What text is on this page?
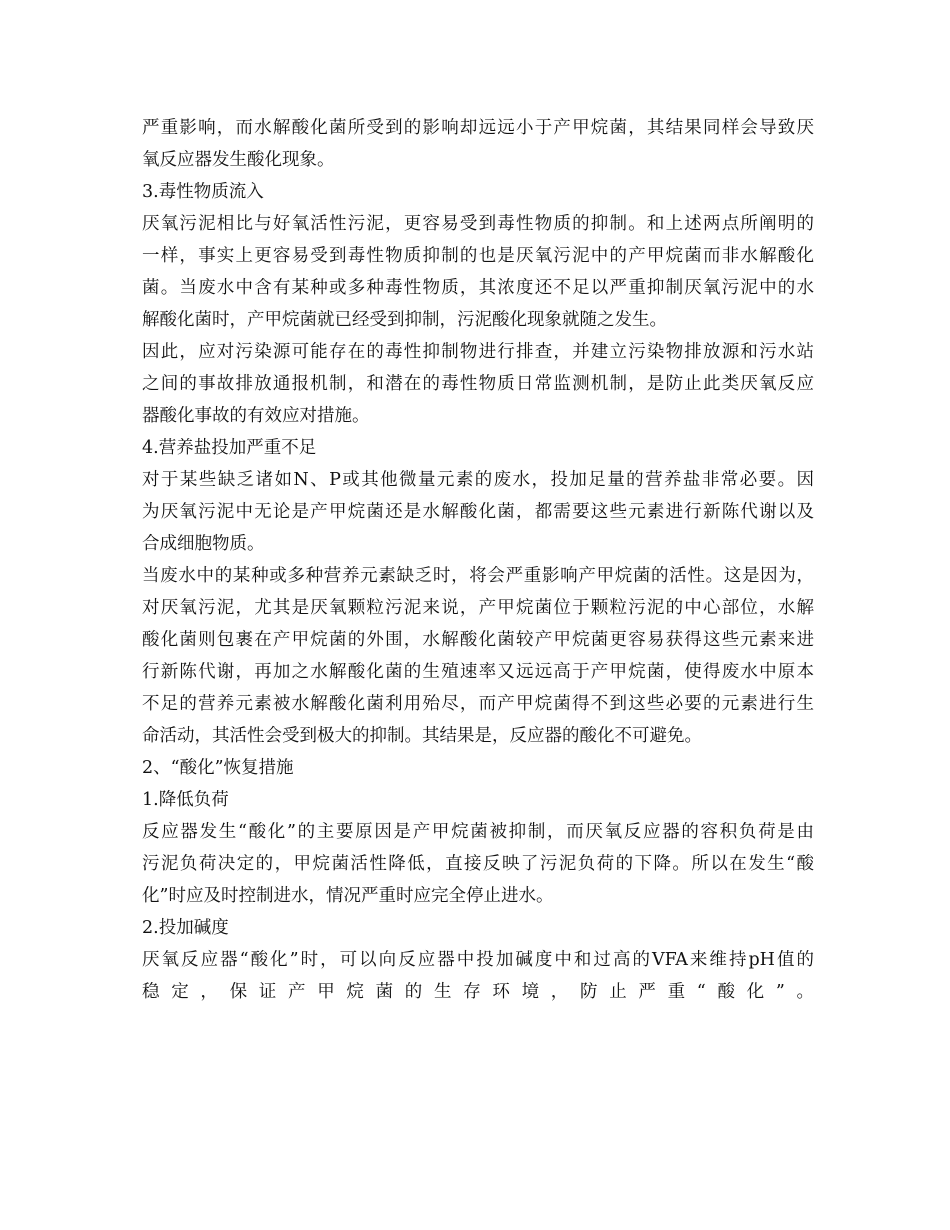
严重影响，而水解酸化菌所受到的影响却远远小于产甲烷菌，其结果同样会导致厌
氧反应器发生酸化现象。
3.毒性物质流入
厌氧污泥相比与好氧活性污泥，更容易受到毒性物质的抑制。和上述两点所阐明的
一样，事实上更容易受到毒性物质抑制的也是厌氧污泥中的产甲烷菌而非水解酸化
菌。当废水中含有某种或多种毒性物质，其浓度还不足以严重抑制厌氧污泥中的水
解酸化菌时，产甲烷菌就已经受到抑制，污泥酸化现象就随之发生。
因此，应对污染源可能存在的毒性抑制物进行排查，并建立污染物排放源和污水站
之间的事故排放通报机制，和潜在的毒性物质日常监测机制，是防止此类厌氧反应
器酸化事故的有效应对措施。
4.营养盐投加严重不足
对于某些缺乏诸如N、P或其他微量元素的废水，投加足量的营养盐非常必要。因
为厌氧污泥中无论是产甲烷菌还是水解酸化菌，都需要这些元素进行新陈代谢以及
合成细胞物质。
当废水中的某种或多种营养元素缺乏时，将会严重影响产甲烷菌的活性。这是因为，
对厌氧污泥，尤其是厌氧颗粒污泥来说，产甲烷菌位于颗粒污泥的中心部位，水解
酸化菌则包裹在产甲烷菌的外围，水解酸化菌较产甲烷菌更容易获得这些元素来进
行新陈代谢，再加之水解酸化菌的生殖速率又远远高于产甲烷菌，使得废水中原本
不足的营养元素被水解酸化菌利用殆尽，而产甲烷菌得不到这些必要的元素进行生
命活动，其活性会受到极大的抑制。其结果是，反应器的酸化不可避免。
2、“酸化”恢复措施
1.降低负荷
反应器发生“酸化”的主要原因是产甲烷菌被抑制，而厌氧反应器的容积负荷是由
污泥负荷决定的，甲烷菌活性降低，直接反映了污泥负荷的下降。所以在发生“酸
化”时应及时控制进水，情况严重时应完全停止进水。
2.投加碱度
厌氧反应器“酸化”时，可以向反应器中投加碱度中和过高的VFA来维持pH值的
稳定，保证产甲烷菌的生存环境，防止严重“酸化”。
